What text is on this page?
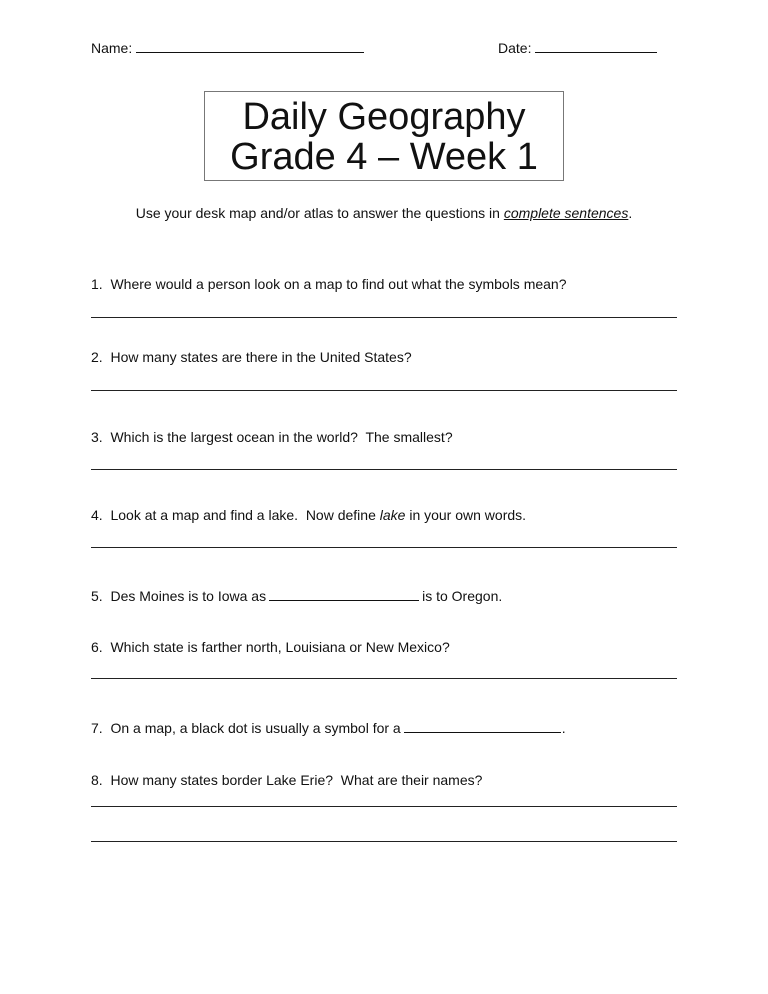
Name:	Date:
Daily Geography
Grade 4 – Week 1
Use your desk map and/or atlas to answer the questions in complete sentences.
1. Where would a person look on a map to find out what the symbols mean?
2. How many states are there in the United States?
3. Which is the largest ocean in the world?  The smallest?
4. Look at a map and find a lake.  Now define lake in your own words.
5. Des Moines is to Iowa as	is to Oregon.
6. Which state is farther north, Louisiana or New Mexico?
7. On a map, a black dot is usually a symbol for a	.
8. How many states border Lake Erie?  What are their names?
